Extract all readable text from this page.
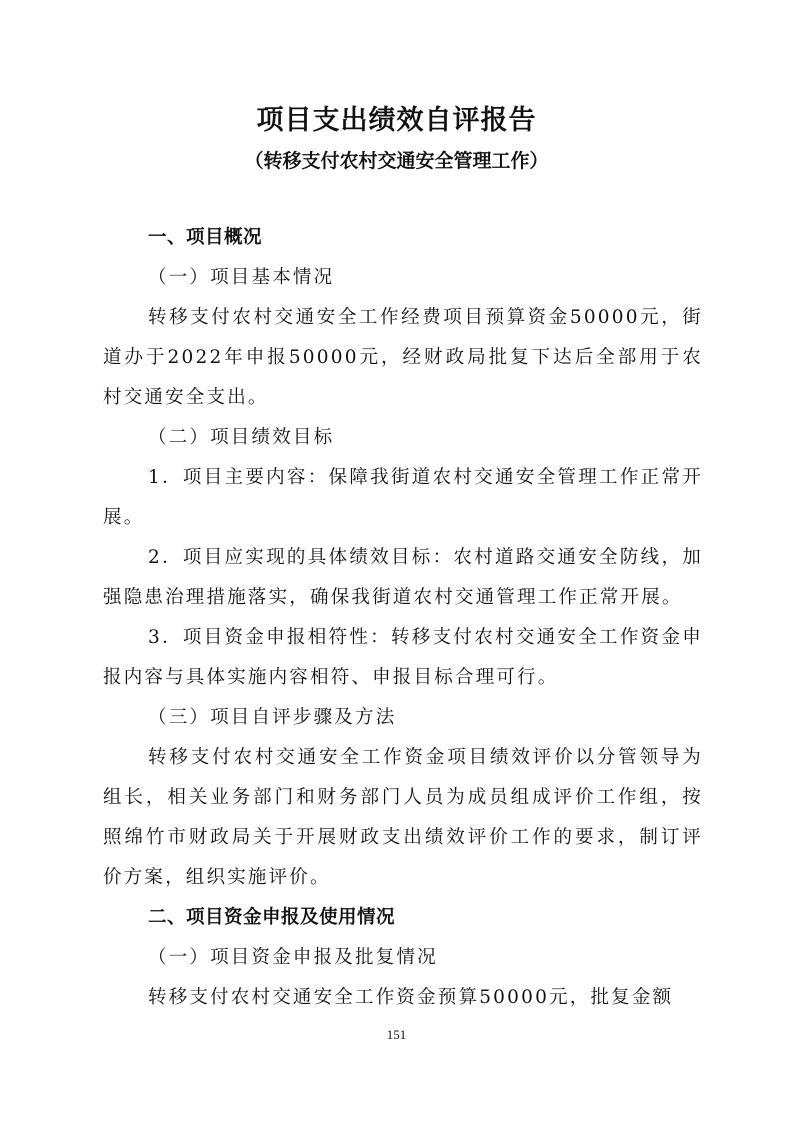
项目支出绩效自评报告
（转移支付农村交通安全管理工作）

一、项目概况

（一）项目基本情况

转移支付农村交通安全工作经费项目预算资金50000元，街道办于2022年申报50000元，经财政局批复下达后全部用于农村交通安全支出。

（二）项目绩效目标

1．项目主要内容：保障我街道农村交通安全管理工作正常开展。

2．项目应实现的具体绩效目标：农村道路交通安全防线，加强隐患治理措施落实，确保我街道农村交通管理工作正常开展。

3．项目资金申报相符性：转移支付农村交通安全工作资金申报内容与具体实施内容相符、申报目标合理可行。

（三）项目自评步骤及方法

转移支付农村交通安全工作资金项目绩效评价以分管领导为组长，相关业务部门和财务部门人员为成员组成评价工作组，按照绵竹市财政局关于开展财政支出绩效评价工作的要求，制订评价方案，组织实施评价。

二、项目资金申报及使用情况

（一）项目资金申报及批复情况

转移支付农村交通安全工作资金预算50000元，批复金额

151
